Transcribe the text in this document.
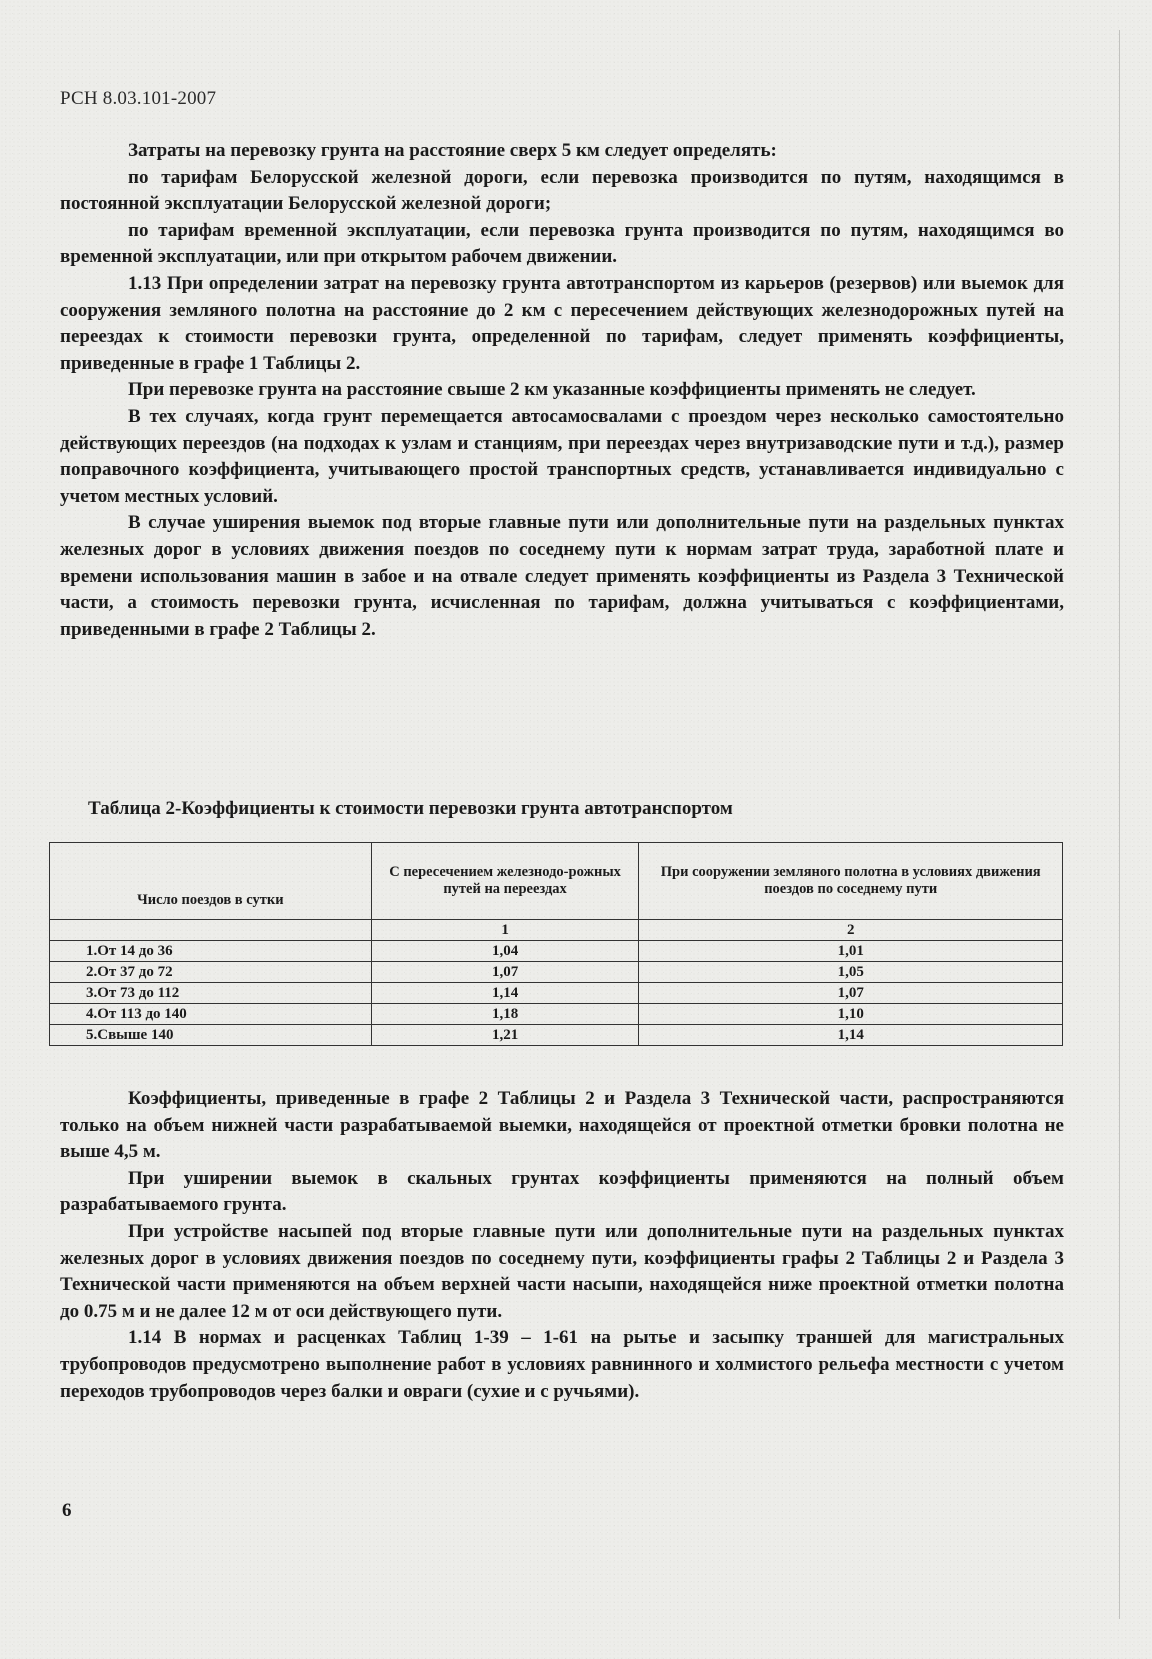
РСН 8.03.101-2007

Затраты на перевозку грунта на расстояние сверх 5 км следует определять:

по тарифам Белорусской железной дороги, если перевозка производится по путям, находящимся в постоянной эксплуатации Белорусской железной дороги;

по тарифам временной эксплуатации, если перевозка грунта производится по путям, находящимся во временной эксплуатации, или при открытом рабочем движении.

1.13 При определении затрат на перевозку грунта автотранспортом из карьеров (резервов) или выемок для сооружения земляного полотна на расстояние до 2 км с пересечением действующих железнодорожных путей на переездах к стоимости перевозки грунта, определенной по тарифам, следует применять коэффициенты, приведенные в графе 1 Таблицы 2.

При перевозке грунта на расстояние свыше 2 км указанные коэффициенты применять не следует.

В тех случаях, когда грунт перемещается автосамосвалами с проездом через несколько самостоятельно действующих переездов (на подходах к узлам и станциям, при переездах через внутризаводские пути и т.д.), размер поправочного коэффициента, учитывающего простой транспортных средств, устанавливается индивидуально с учетом местных условий.

В случае уширения выемок под вторые главные пути или дополнительные пути на раздельных пунктах железных дорог в условиях движения поездов по соседнему пути к нормам затрат труда, заработной плате и времени использования машин в забое и на отвале следует применять коэффициенты из Раздела 3 Технической части, а стоимость перевозки грунта, исчисленная по тарифам, должна учитываться с коэффициентами, приведенными в графе 2 Таблицы 2.

Таблица 2-Коэффициенты к стоимости перевозки грунта автотранспортом
Число поездов в сутки	С пересечением железнодо-рожных путей на переездах	При сооружении земляного полотна в условиях движения поездов по соседнему пути
	1	2
1.От 14 до 36	1,04	1,01
2.От 37 до 72	1,07	1,05
3.От 73 до 112	1,14	1,07
4.От 113 до 140	1,18	1,10
5.Свыше 140	1,21	1,14

Коэффициенты, приведенные в графе 2 Таблицы 2 и Раздела 3 Технической части, распространяются только на объем нижней части разрабатываемой выемки, находящейся от проектной отметки бровки полотна не выше 4,5 м.

При уширении выемок в скальных грунтах коэффициенты применяются на полный объем разрабатываемого грунта.

При устройстве насыпей под вторые главные пути или дополнительные пути на раздельных пунктах железных дорог в условиях движения поездов по соседнему пути, коэффициенты графы 2 Таблицы 2 и Раздела 3 Технической части применяются на объем верхней части насыпи, находящейся ниже проектной отметки полотна до 0.75 м и не далее 12 м от оси действующего пути.

1.14 В нормах и расценках Таблиц 1-39 – 1-61 на рытье и засыпку траншей для магистральных трубопроводов предусмотрено выполнение работ в условиях равнинного и холмистого рельефа местности с учетом переходов трубопроводов через балки и овраги (сухие и с ручьями).

6
